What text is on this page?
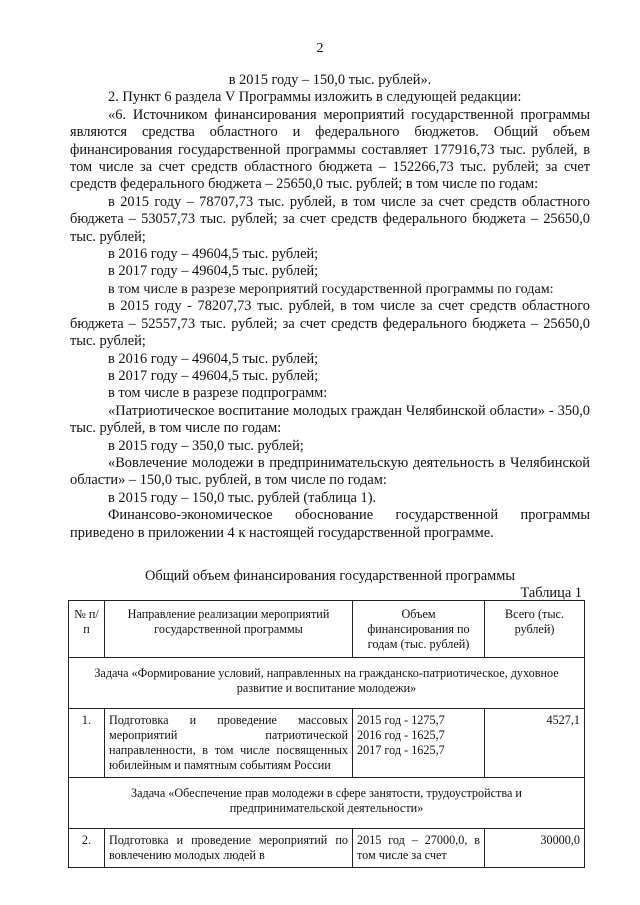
2

в 2015 году – 150,0 тыс. рублей».

2. Пункт 6 раздела V Программы изложить в следующей редакции:

«6. Источником финансирования мероприятий государственной программы являются средства областного и федерального бюджетов. Общий объем финансирования государственной программы составляет 177916,73 тыс. рублей, в том числе за счет средств областного бюджета – 152266,73 тыс. рублей; за счет средств федерального бюджета – 25650,0 тыс. рублей; в том числе по годам:

в 2015 году – 78707,73 тыс. рублей, в том числе за счет средств областного бюджета – 53057,73 тыс. рублей; за счет средств федерального бюджета – 25650,0 тыс. рублей;

в 2016 году – 49604,5 тыс. рублей;

в 2017 году – 49604,5 тыс. рублей;

в том числе в разрезе мероприятий государственной программы по годам:

в 2015 году - 78207,73 тыс. рублей, в том числе за счет средств областного бюджета – 52557,73 тыс. рублей; за счет средств федерального бюджета – 25650,0 тыс. рублей;

в 2016 году – 49604,5 тыс. рублей;

в 2017 году – 49604,5 тыс. рублей;

в том числе в разрезе подпрограмм:

«Патриотическое воспитание молодых граждан Челябинской области» - 350,0 тыс. рублей, в том числе по годам:

в 2015 году – 350,0 тыс. рублей;

«Вовлечение молодежи в предпринимательскую деятельность в Челябинской области» – 150,0 тыс. рублей, в том числе по годам:

в 2015 году – 150,0 тыс. рублей (таблица 1).

Финансово-экономическое обоснование государственной программы приведено в приложении 4 к настоящей государственной программе.

Общий объем финансирования государственной программы
Таблица 1
№ п/п	Направление реализации мероприятий государственной программы	Объем финансирования по годам (тыс. рублей)	Всего (тыс. рублей)
Задача «Формирование условий, направленных на гражданско-патриотическое, духовное развитие и воспитание молодежи»			
1.	Подготовка и проведение массовых мероприятий патриотической направленности, в том числе посвященных юбилейным и памятным событиям России	2015 год - 1275,7
2016 год - 1625,7
2017 год - 1625,7	4527,1
Задача «Обеспечение прав молодежи в сфере занятости, трудоустройства и предпринимательской деятельности»			
2.	Подготовка и проведение мероприятий по вовлечению молодых людей в	2015 год – 27000,0, в том числе за счет	30000,0
